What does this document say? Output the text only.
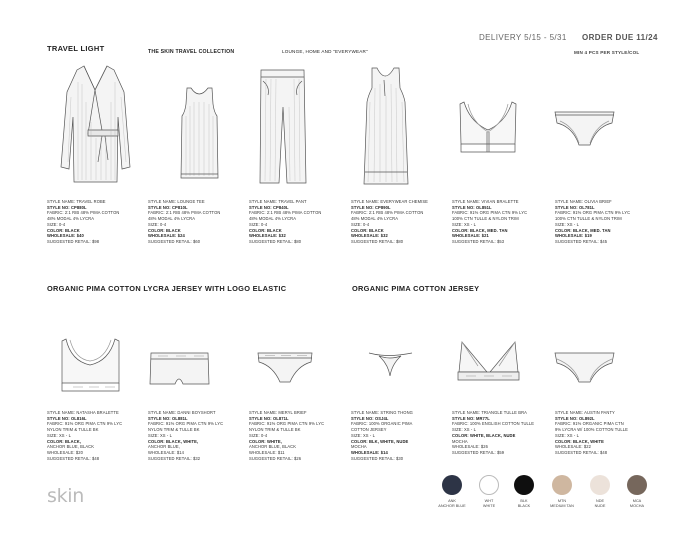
TRAVEL LIGHT	THE SKIN TRAVEL COLLECTION	LOUNGE, HOME AND "EVERYWEAR"
DELIVERY 5/15 - 5/31 ORDER DUE 11/24
MIN 4 PCS PER STYLE/COL
STYLE NAME: TRAVEL ROBE
STYLE NO: CP880L
FABRIC: 2:1 RIB 48% PIMA COTTON
48% MODAL 4% LYCRA
SIZE: 0-4
COLOR: BLACK
WHOLESALE: $40
SUGGESTED RETAIL: $98
STYLE NAME: LOUNGE TEE
STYLE NO: CP810L
FABRIC: 2:1 RIB 48% PIMA COTTON
48% MODAL 4% LYCRA
SIZE: 0-4
COLOR: BLACK
WHOLESALE: $24
SUGGESTED RETAIL: $60
STYLE NAME: TRAVEL PANT
STYLE NO: CP840L
FABRIC: 2:1 RIB 48% PIMA COTTON
48% MODAL 4% LYCRA
SIZE: 0-4
COLOR: BLACK
WHOLESALE: $32
SUGGESTED RETAIL: $80
STYLE NAME: EVERYWEAR CHEMISE
STYLE NO: CP890L
FABRIC: 2:1 RIB 48% PIMA COTTON
48% MODAL 4% LYCRA
SIZE: 0-4
COLOR: BLACK
WHOLESALE: $32
SUGGESTED RETAIL: $80
STYLE NAME: VIVIAN BRALETTE
STYLE NO: OL851L
FABRIC: 91% ORG PIMA CTN 9% LYC
100% CTN TULLE & NYLON TRIM
SIZE: XS - L
COLOR: BLACK, MED. TAN
WHOLESALE: $21
SUGGESTED RETAIL: $53
STYLE NAME: OLIVIA BRIEF
STYLE NO: OL781L
FABRIC: 91% ORG PIMA CTN 9% LYC
100% CTN TULLE & NYLON TRIM
SIZE: XS - L
COLOR: BLACK, MED. TAN
WHOLESALE: $19
SUGGESTED RETAIL: $45
ORGANIC PIMA COTTON LYCRA JERSEY WITH LOGO ELASTIC	ORGANIC PIMA COTTON JERSEY
STYLE NAME: NATASHA BRALETTE
STYLE NO: OL816L
FABRIC: 91% ORG PIMA CTN 9% LYC
NYLON TRIM & TULLE BK
SIZE: XS - L
COLOR: BLACK,
ANCHOR BLUE, BLACK
WHOLESALE: $20
SUGGESTED RETAIL: $48
STYLE NAME: DANNI BOYSHORT
STYLE NO: OL881L
FABRIC: 91% ORG PIMA CTN 9% LYC
NYLON TRIM & TULLE BK
SIZE: XS - L
COLOR: BLACK, WHITE,
ANCHOR BLUE,
WHOLESALE: $14
SUGGESTED RETAIL: $32
STYLE NAME: MERYL BRIEF
STYLE NO: OL871L
FABRIC: 91% ORG PIMA CTN 9% LYC
NYLON TRIM & TULLE BK
SIZE: 0-4
COLOR: WHITE,
ANCHOR BLUE, BLACK
WHOLESALE: $11
SUGGESTED RETAIL: $26
STYLE NAME: STRING THONG
STYLE NO: OSJ4L
FABRIC: 100% ORGANIC PIMA
COTTON JERSEY
SIZE: XS - L
COLOR: BLK, WHITE, NUDE
MOCHA
WHOLESALE: $14
SUGGESTED RETAIL: $30
STYLE NAME: TRIANGLE TULLE BRA
STYLE NO: MR77L
FABRIC: 100% ENGLISH COTTON TULLE
SIZE: XS - L
COLOR: WHITE, BLACK, NUDE
MOCHA
WHOLESALE: $26
SUGGESTED RETAIL: $59
STYLE NAME: AUSTIN PANTY
STYLE NO: OL892L
FABRIC: 91% ORGANIC PIMA CTN
9% LYCRA W/ 100% COTTON TULLE
SIZE: XS - L
COLOR: BLACK, WHITE
WHOLESALE: $22
SUGGESTED RETAIL: $48
skin	ANK
ANCHOR BLUE
WHT
WHITE
BLK
BLACK
MTN
MEDIUM TAN
NDE
NUDE
MCA
MOCHA
